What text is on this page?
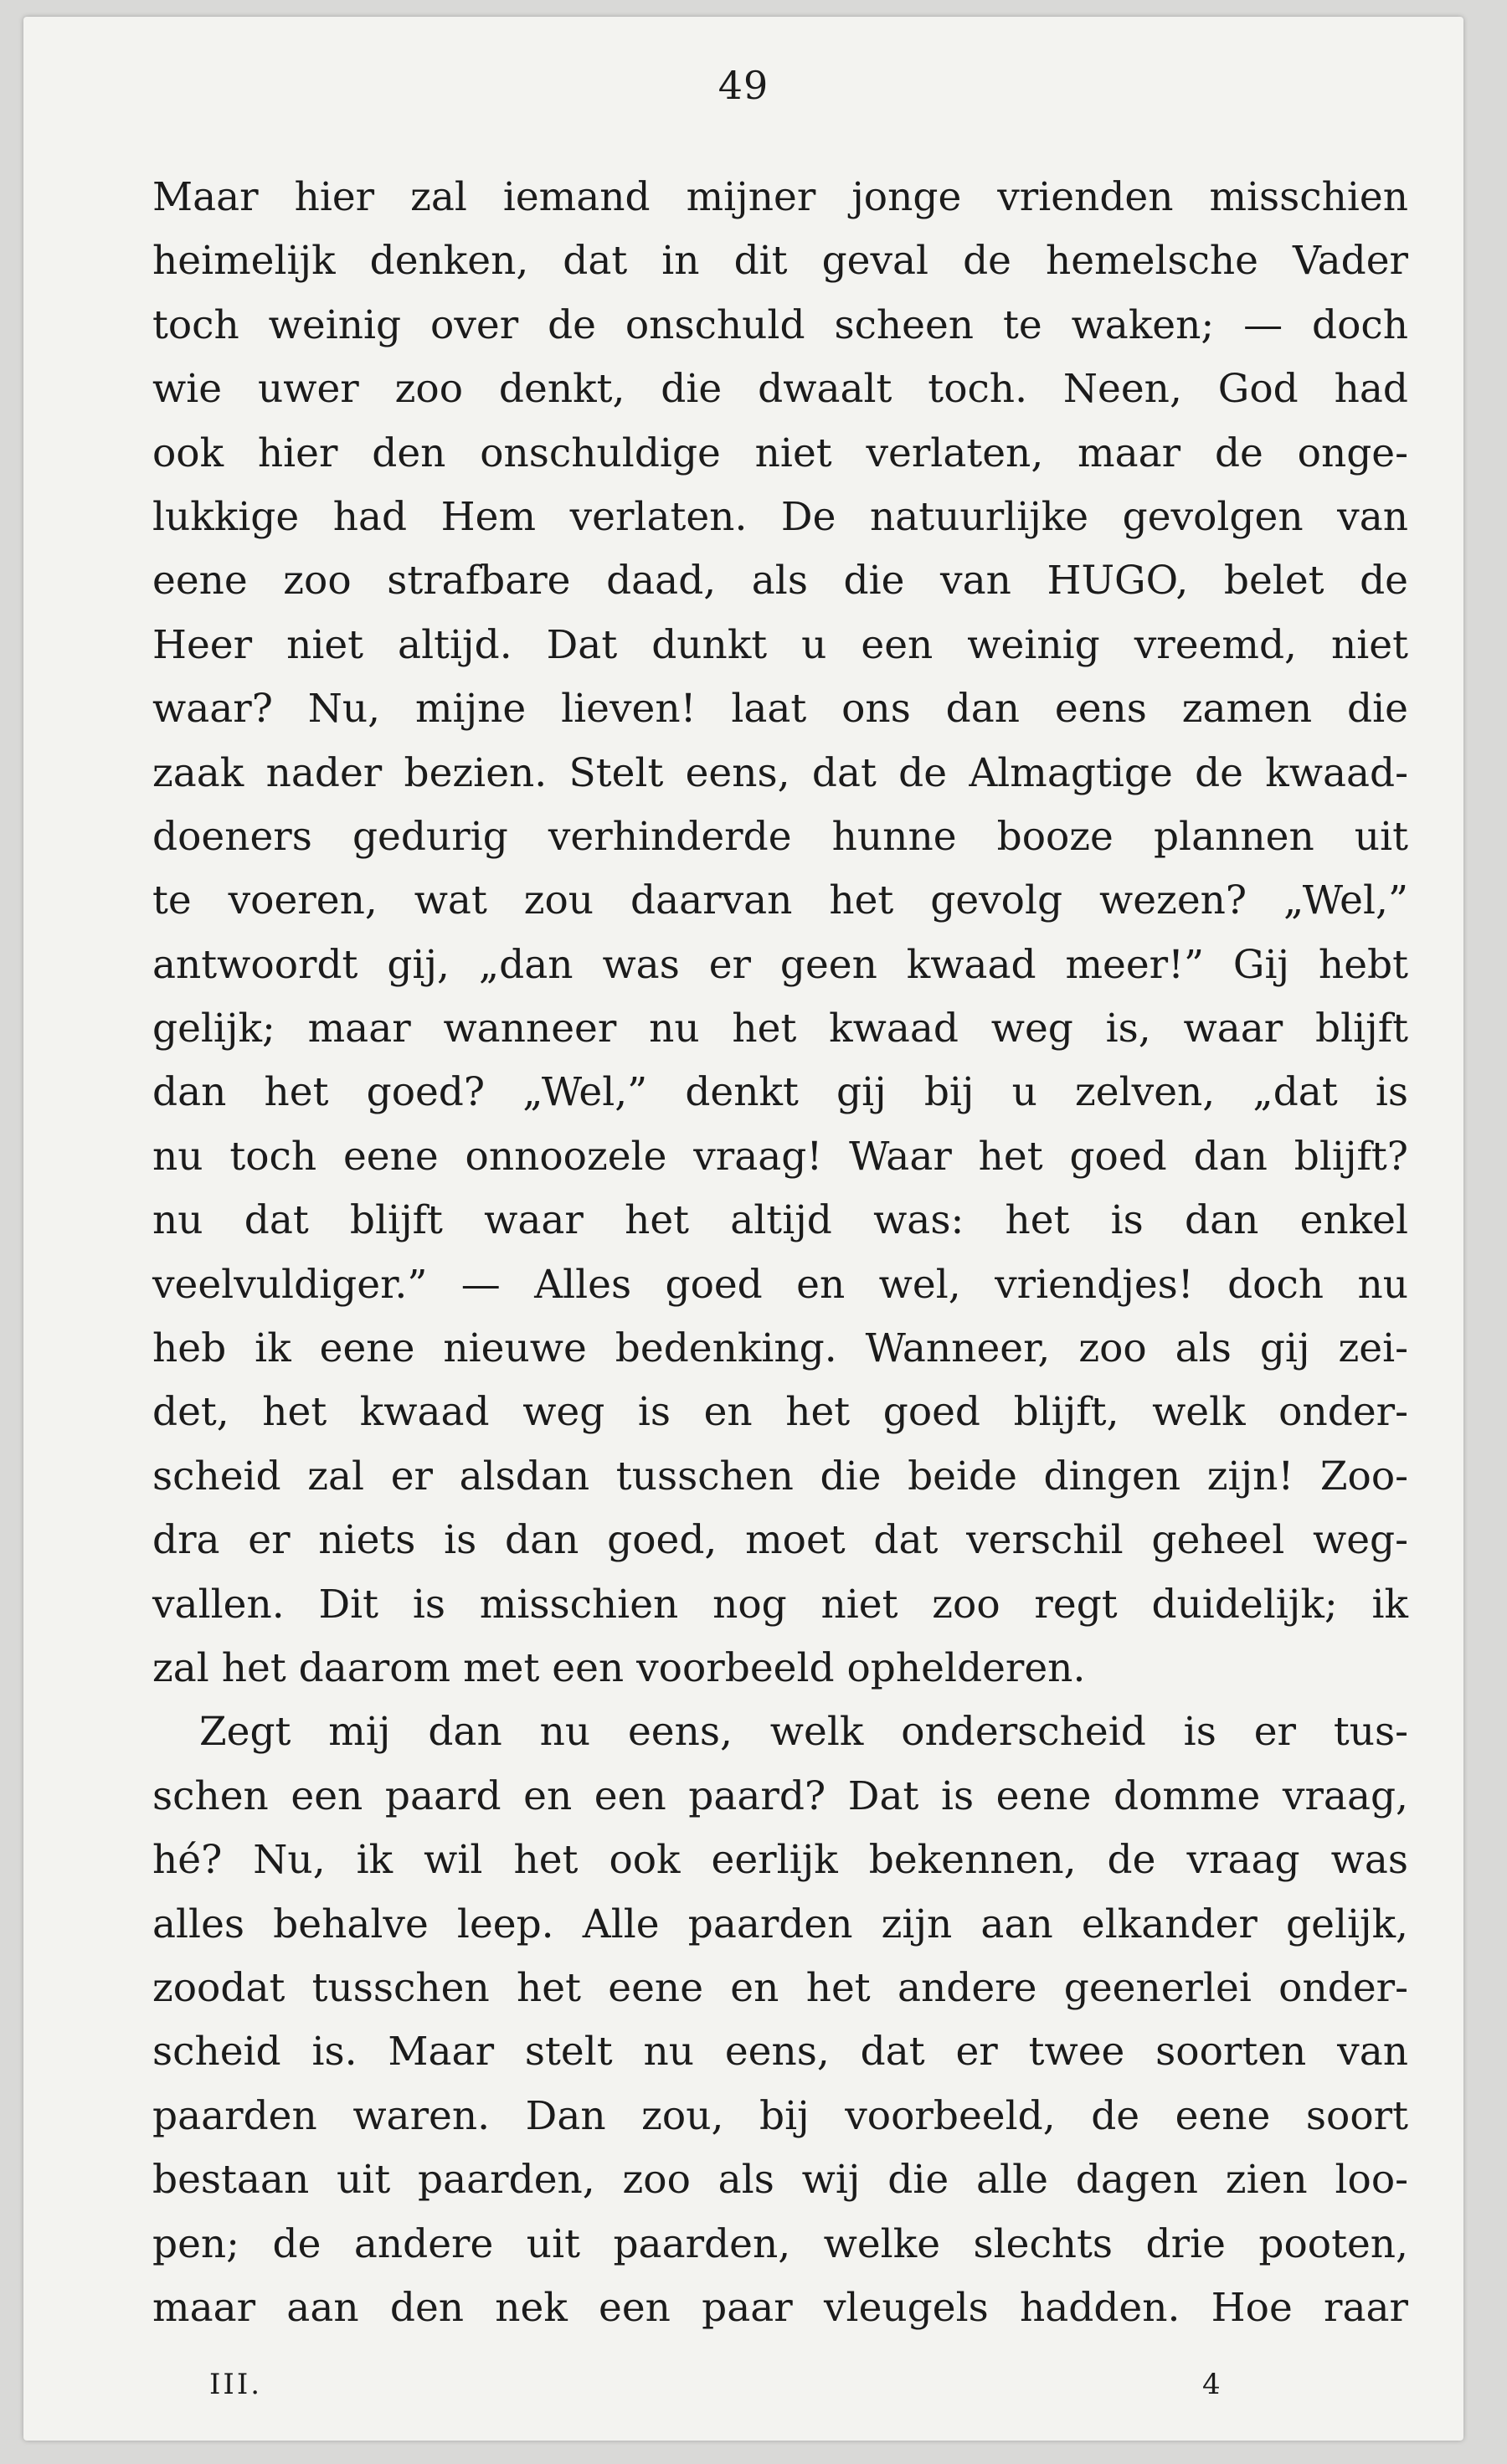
49
Maar hier zal iemand mijner jonge vrienden misschien
heimelijk denken, dat in dit geval de hemelsche Vader
toch weinig over de onschuld scheen te waken; — doch
wie uwer zoo denkt, die dwaalt toch. Neen, God had
ook hier den onschuldige niet verlaten, maar de onge-
lukkige had Hem verlaten. De natuurlijke gevolgen van
eene zoo strafbare daad, als die van HUGO, belet de
Heer niet altijd. Dat dunkt u een weinig vreemd, niet
waar? Nu, mijne lieven! laat ons dan eens zamen die
zaak nader bezien. Stelt eens, dat de Almagtige de kwaad-
doeners gedurig verhinderde hunne booze plannen uit
te voeren, wat zou daarvan het gevolg wezen? „Wel,”
antwoordt gij, „dan was er geen kwaad meer!” Gij hebt
gelijk; maar wanneer nu het kwaad weg is, waar blijft
dan het goed? „Wel,” denkt gij bij u zelven, „dat is
nu toch eene onnoozele vraag! Waar het goed dan blijft?
nu dat blijft waar het altijd was: het is dan enkel
veelvuldiger.” — Alles goed en wel, vriendjes! doch nu
heb ik eene nieuwe bedenking. Wanneer, zoo als gij zei-
det, het kwaad weg is en het goed blijft, welk onder-
scheid zal er alsdan tusschen die beide dingen zijn! Zoo-
dra er niets is dan goed, moet dat verschil geheel weg-
vallen. Dit is misschien nog niet zoo regt duidelijk; ik
zal het daarom met een voorbeeld ophelderen.
Zegt mij dan nu eens, welk onderscheid is er tus-
schen een paard en een paard? Dat is eene domme vraag,
hé? Nu, ik wil het ook eerlijk bekennen, de vraag was
alles behalve leep. Alle paarden zijn aan elkander gelijk,
zoodat tusschen het eene en het andere geenerlei onder-
scheid is. Maar stelt nu eens, dat er twee soorten van
paarden waren. Dan zou, bij voorbeeld, de eene soort
bestaan uit paarden, zoo als wij die alle dagen zien loo-
pen; de andere uit paarden, welke slechts drie pooten,
maar aan den nek een paar vleugels hadden. Hoe raar
III.	4
